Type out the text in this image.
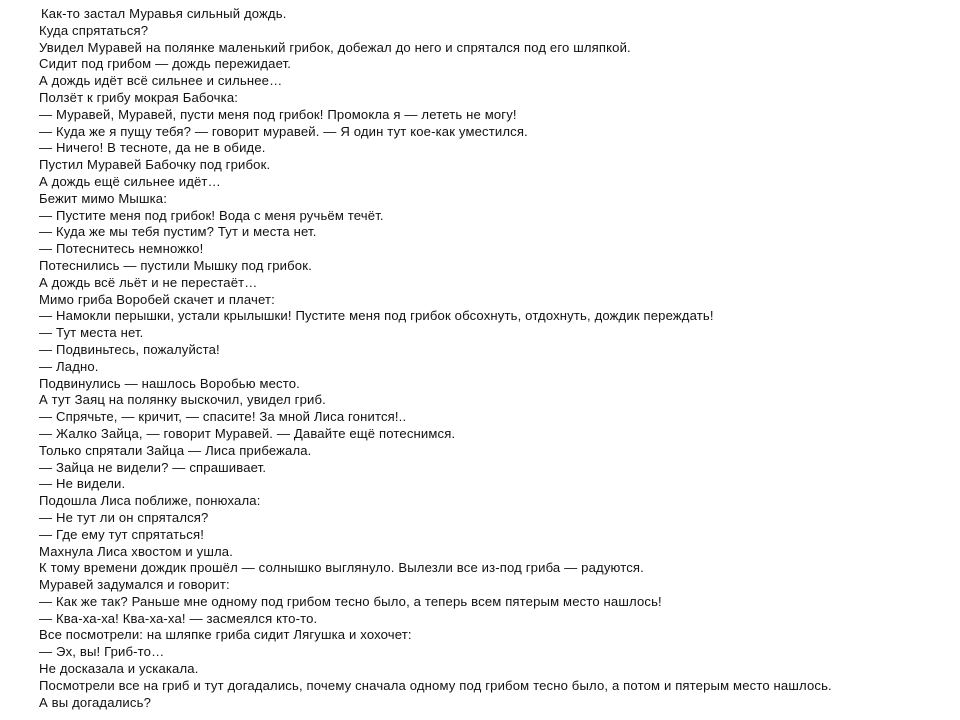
Как-то застал Муравья сильный дождь.

Куда спрятаться?

Увидел Муравей на полянке маленький грибок, добежал до него и спрятался под его шляпкой.

Сидит под грибом — дождь пережидает.

А дождь идёт всё сильнее и сильнее…

Ползёт к грибу мокрая Бабочка:

— Муравей, Муравей, пусти меня под грибок! Промокла я — лететь не могу!

— Куда же я пущу тебя? — говорит муравей. — Я один тут кое-как уместился.

— Ничего! В тесноте, да не в обиде.

Пустил Муравей Бабочку под грибок.

А дождь ещё сильнее идёт…

Бежит мимо Мышка:

— Пустите меня под грибок! Вода с меня ручьём течёт.

— Куда же мы тебя пустим? Тут и места нет.

— Потеснитесь немножко!

Потеснились — пустили Мышку под грибок.

А дождь всё льёт и не перестаёт…

Мимо гриба Воробей скачет и плачет:

— Намокли перышки, устали крылышки! Пустите меня под грибок обсохнуть, отдохнуть, дождик переждать!

— Тут места нет.

— Подвиньтесь, пожалуйста!

— Ладно.

Подвинулись — нашлось Воробью место.

А тут Заяц на полянку выскочил, увидел гриб.

— Спрячьте, — кричит, — спасите! За мной Лиса гонится!..

— Жалко Зайца, — говорит Муравей. — Давайте ещё потеснимся.

Только спрятали Зайца — Лиса прибежала.

— Зайца не видели? — спрашивает.

— Не видели.

Подошла Лиса поближе, понюхала:

— Не тут ли он спрятался?

— Где ему тут спрятаться!

Махнула Лиса хвостом и ушла.

К тому времени дождик прошёл — солнышко выглянуло. Вылезли все из-под гриба — радуются.

Муравей задумался и говорит:

— Как же так? Раньше мне одному под грибом тесно было, а теперь всем пятерым место нашлось!

— Ква-ха-ха! Ква-ха-ха! — засмеялся кто-то.

Все посмотрели: на шляпке гриба сидит Лягушка и хохочет:

— Эх, вы! Гриб-то…

Не досказала и ускакала.

Посмотрели все на гриб и тут догадались, почему сначала одному под грибом тесно было, а потом и пятерым место нашлось.

А вы догадались?
